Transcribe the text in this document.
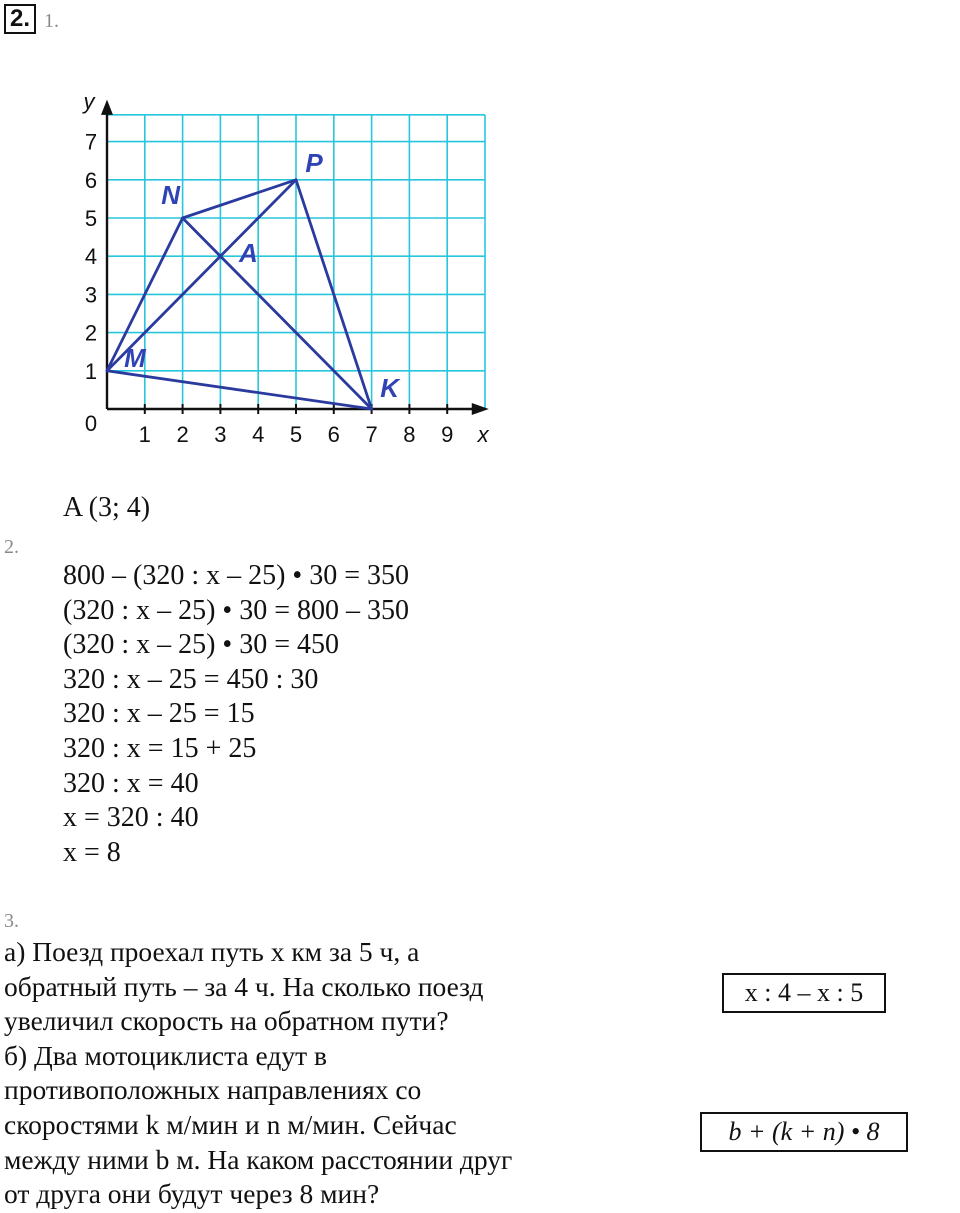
2. 1.
0 1 2 3 4 5 6 7 8 9
1
2
3
4
5
6
7
x
y
M
N
P
K
A
A (3; 4)
2.
800 – (320 : x – 25) • 30 = 350
(320 : x – 25) • 30 = 800 – 350
(320 : x – 25) • 30 = 450
320 : x – 25 = 450 : 30
320 : x – 25 = 15
320 : x = 15 + 25
320 : x = 40
x = 320 : 40
x = 8
3.
а) Поезд проехал путь x км за 5 ч, а
обратный путь – за 4 ч. На сколько поезд
увеличил скорость на обратном пути?
б) Два мотоциклиста едут в
противоположных направлениях со
скоростями k м/мин и n м/мин. Сейчас
между ними b м. На каком расстоянии друг
от друга они будут через 8 мин?
x : 4 – x : 5
b + (k + n) • 8
